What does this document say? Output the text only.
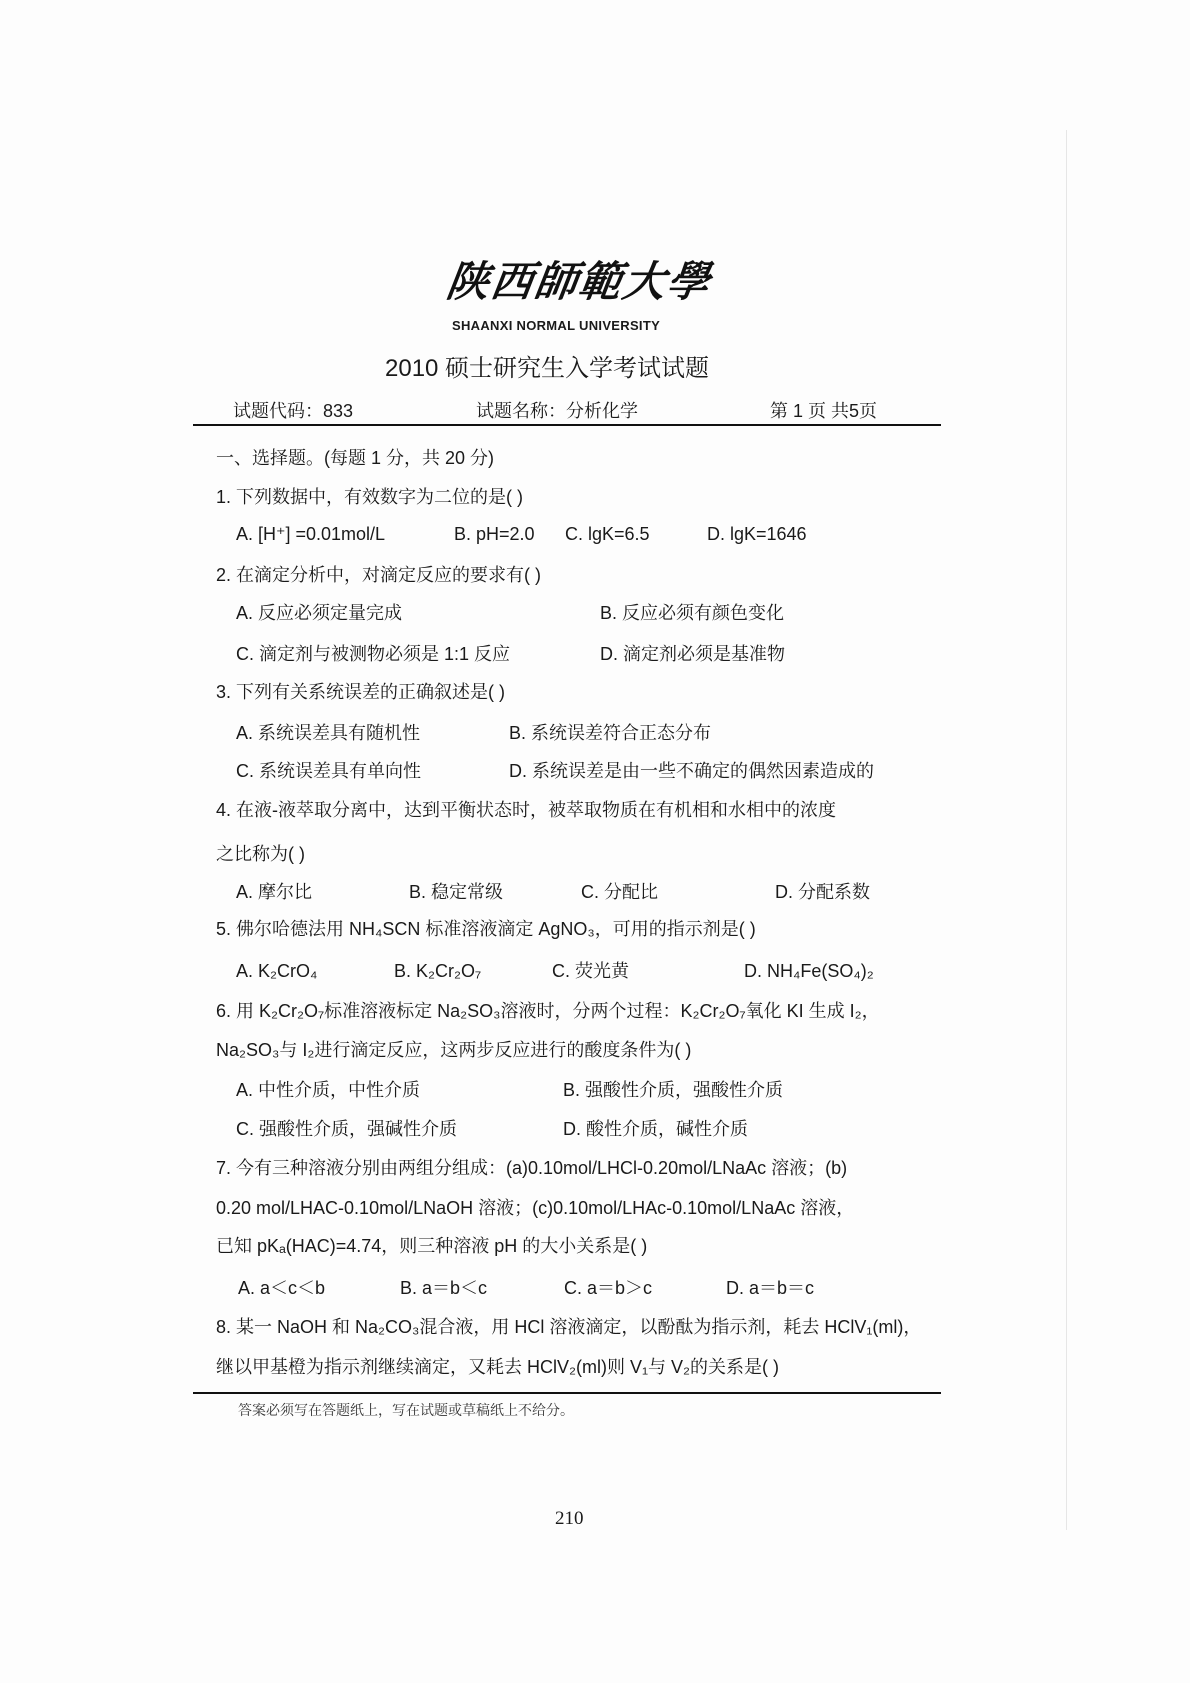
陕西師範大學
SHAANXI NORMAL UNIVERSITY
2010 硕士研究生入学考试试题
试题代码：833	试题名称：分析化学	第 1 页 共5页
一、选择题。(每题 1 分，共 20 分)
1. 下列数据中，有效数字为二位的是( )
A. [H⁺] =0.01mol/L	B. pH=2.0 C. lgK=6.5	D. lgK=1646
2. 在滴定分析中，对滴定反应的要求有( )
A. 反应必须定量完成	B. 反应必须有颜色变化
C. 滴定剂与被测物必须是 1:1 反应	D. 滴定剂必须是基准物
3. 下列有关系统误差的正确叙述是( )
A. 系统误差具有随机性	B. 系统误差符合正态分布
C. 系统误差具有单向性	D. 系统误差是由一些不确定的偶然因素造成的
4. 在液-液萃取分离中，达到平衡状态时，被萃取物质在有机相和水相中的浓度
之比称为( )
A. 摩尔比	B. 稳定常级	C. 分配比	D. 分配系数
5. 佛尔哈德法用 NH₄SCN 标准溶液滴定 AgNO₃，可用的指示剂是( )
A. K₂CrO₄	B. K₂Cr₂O₇	C. 荧光黄	D. NH₄Fe(SO₄)₂
6. 用 K₂Cr₂O₇标准溶液标定 Na₂SO₃溶液时，分两个过程：K₂Cr₂O₇氧化 KI 生成 I₂，
Na₂SO₃与 I₂进行滴定反应，这两步反应进行的酸度条件为( )
A. 中性介质，中性介质	B. 强酸性介质，强酸性介质
C. 强酸性介质，强碱性介质	D. 酸性介质，碱性介质
7. 今有三种溶液分别由两组分组成：(a)0.10mol/LHCl-0.20mol/LNaAc 溶液；(b)
0.20 mol/LHAC-0.10mol/LNaOH 溶液；(c)0.10mol/LHAc-0.10mol/LNaAc 溶液，
已知 pKₐ(HAC)=4.74，则三种溶液 pH 的大小关系是( )
A. a＜c＜b	B. a＝b＜c	C. a＝b＞c	D. a＝b＝c
8. 某一 NaOH 和 Na₂CO₃混合液，用 HCl 溶液滴定，以酚酞为指示剂，耗去 HClV₁(ml)，
继以甲基橙为指示剂继续滴定，又耗去 HClV₂(ml)则 V₁与 V₂的关系是( )
答案必须写在答题纸上，写在试题或草稿纸上不给分。
210
